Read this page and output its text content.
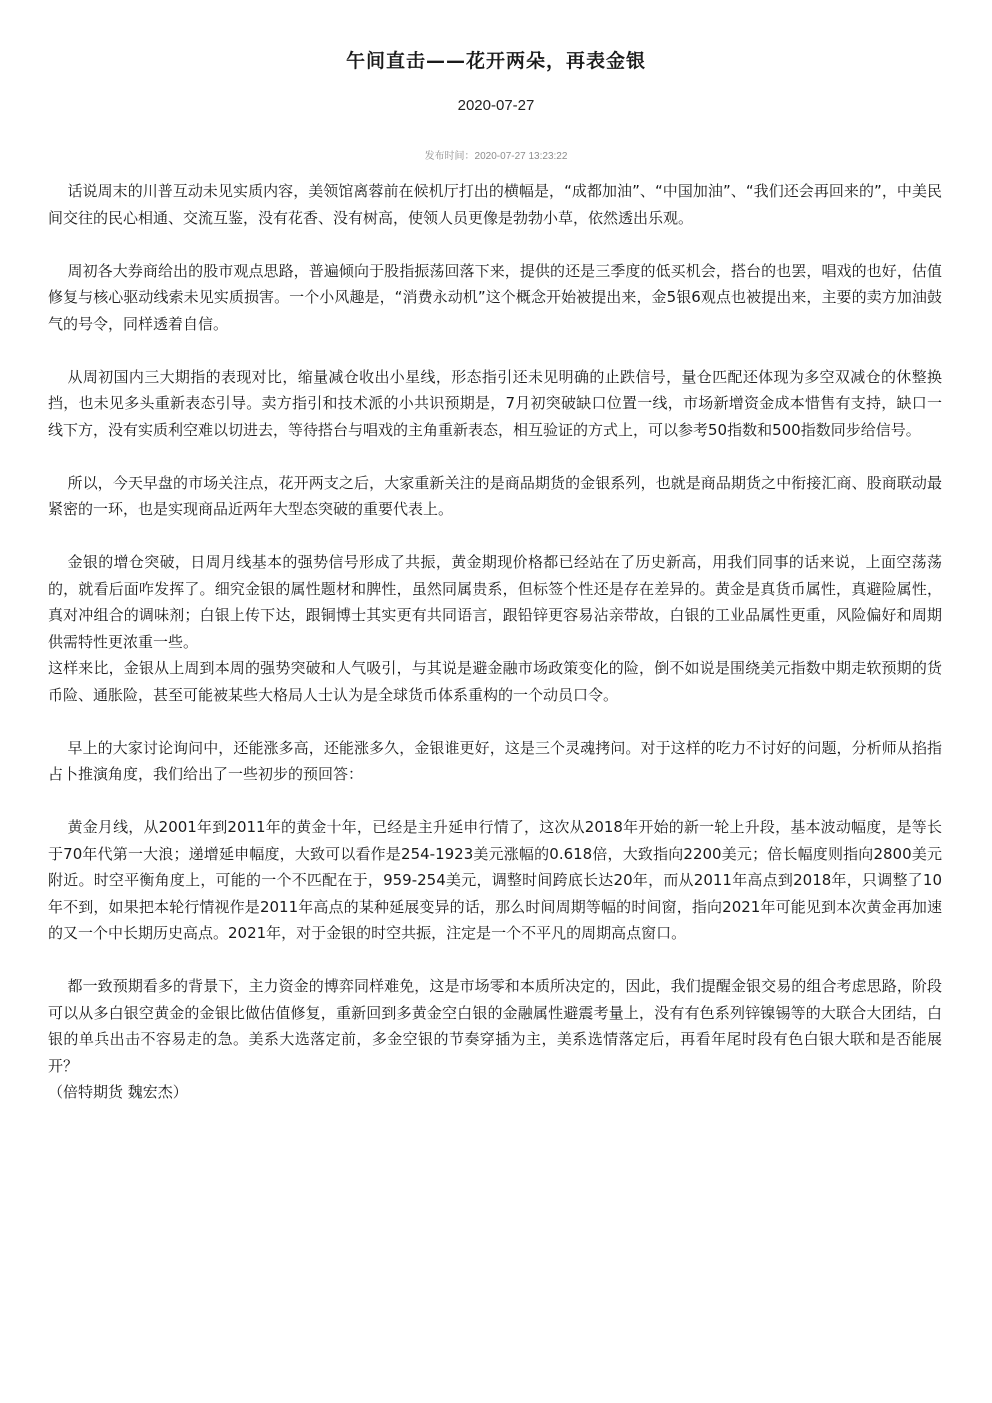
午间直击——花开两朵，再表金银
2020-07-27
发布时间：2020-07-27 13:23:22

话说周末的川普互动未见实质内容，美领馆离蓉前在候机厅打出的横幅是，“成都加油”、“中国加油”、“我们还会再回来的”，中美民间交往的民心相通、交流互鉴，没有花香、没有树高，使领人员更像是勃勃小草，依然透出乐观。

周初各大券商给出的股市观点思路，普遍倾向于股指振荡回落下来，提供的还是三季度的低买机会，搭台的也罢，唱戏的也好，估值修复与核心驱动线索未见实质损害。一个小风趣是，“消费永动机”这个概念开始被提出来，金5银6观点也被提出来，主要的卖方加油鼓气的号令，同样透着自信。

从周初国内三大期指的表现对比，缩量减仓收出小星线，形态指引还未见明确的止跌信号，量仓匹配还体现为多空双减仓的休整换挡，也未见多头重新表态引导。卖方指引和技术派的小共识预期是，7月初突破缺口位置一线，市场新增资金成本惜售有支持，缺口一线下方，没有实质利空难以切进去，等待搭台与唱戏的主角重新表态，相互验证的方式上，可以参考50指数和500指数同步给信号。

所以，今天早盘的市场关注点，花开两支之后，大家重新关注的是商品期货的金银系列，也就是商品期货之中衔接汇商、股商联动最紧密的一环，也是实现商品近两年大型态突破的重要代表上。

金银的增仓突破，日周月线基本的强势信号形成了共振，黄金期现价格都已经站在了历史新高，用我们同事的话来说，上面空荡荡的，就看后面咋发挥了。细究金银的属性题材和脾性，虽然同属贵系，但标签个性还是存在差异的。黄金是真货币属性，真避险属性，真对冲组合的调味剂；白银上传下达，跟铜博士其实更有共同语言，跟铅锌更容易沾亲带故，白银的工业品属性更重，风险偏好和周期供需特性更浓重一些。

这样来比，金银从上周到本周的强势突破和人气吸引，与其说是避金融市场政策变化的险，倒不如说是围绕美元指数中期走软预期的货币险、通胀险，甚至可能被某些大格局人士认为是全球货币体系重构的一个动员口令。

早上的大家讨论询问中，还能涨多高，还能涨多久，金银谁更好，这是三个灵魂拷问。对于这样的吃力不讨好的问题，分析师从掐指占卜推演角度，我们给出了一些初步的预回答：

黄金月线，从2001年到2011年的黄金十年，已经是主升延申行情了，这次从2018年开始的新一轮上升段，基本波动幅度，是等长于70年代第一大浪；递增延申幅度，大致可以看作是254-1923美元涨幅的0.618倍，大致指向2200美元；倍长幅度则指向2800美元附近。时空平衡角度上，可能的一个不匹配在于，959-254美元，调整时间跨底长达20年，而从2011年高点到2018年，只调整了10年不到，如果把本轮行情视作是2011年高点的某种延展变异的话，那么时间周期等幅的时间窗，指向2021年可能见到本次黄金再加速的又一个中长期历史高点。2021年，对于金银的时空共振，注定是一个不平凡的周期高点窗口。

都一致预期看多的背景下，主力资金的博弈同样难免，这是市场零和本质所决定的，因此，我们提醒金银交易的组合考虑思路，阶段可以从多白银空黄金的金银比做估值修复，重新回到多黄金空白银的金融属性避震考量上，没有有色系列锌镍锡等的大联合大团结，白银的单兵出击不容易走的急。美系大选落定前，多金空银的节奏穿插为主，美系选情落定后，再看年尾时段有色白银大联和是否能展开？

（倍特期货 魏宏杰）
